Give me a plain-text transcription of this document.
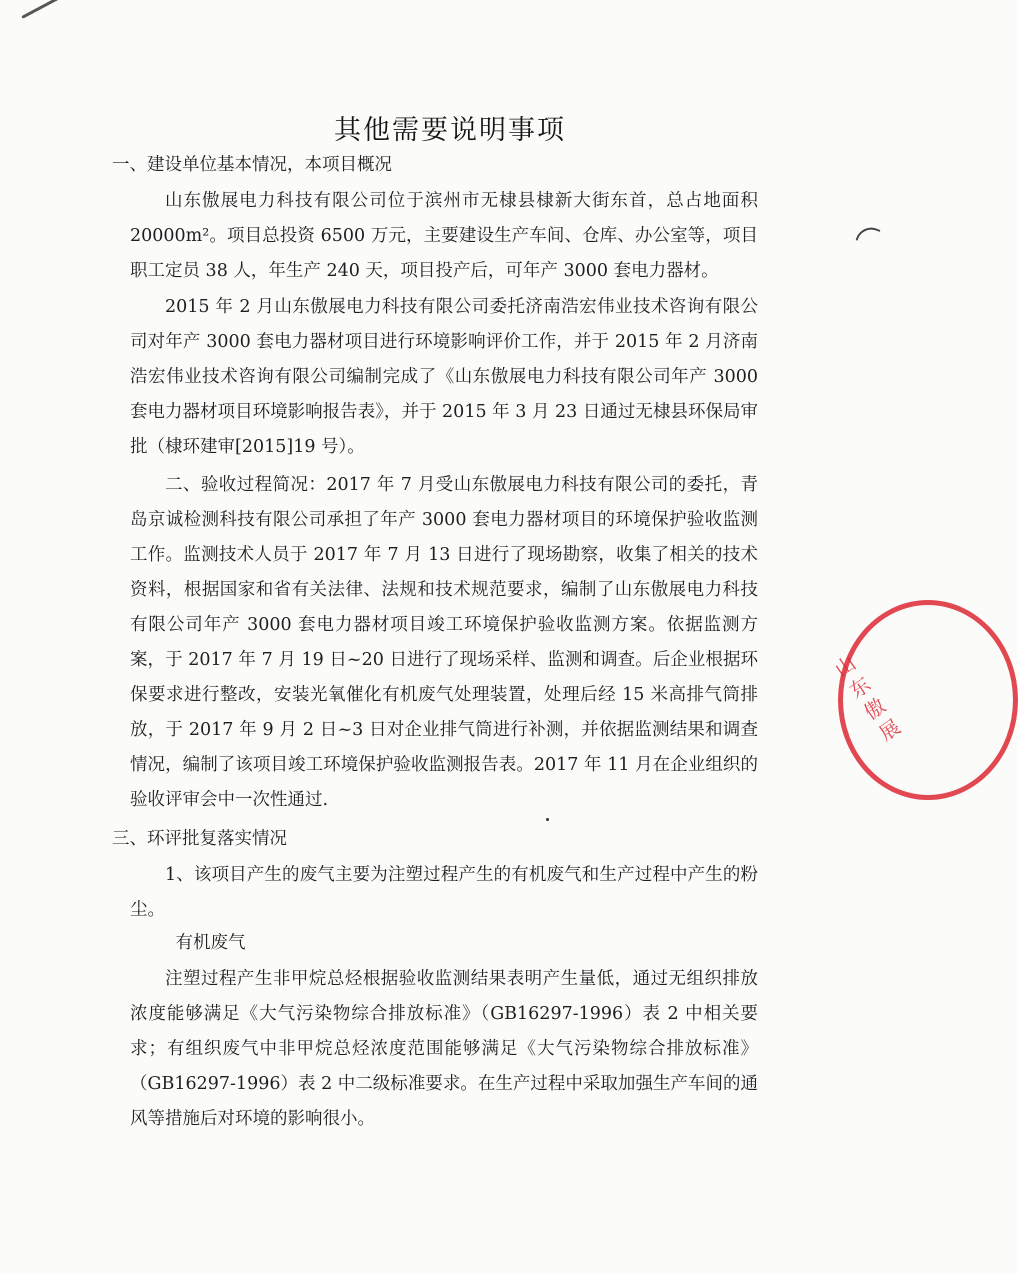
其他需要说明事项

一、建设单位基本情况，本项目概况

山东傲展电力科技有限公司位于滨州市无棣县棣新大街东首，总占地面积20000m²。项目总投资 6500 万元，主要建设生产车间、仓库、办公室等，项目职工定员 38 人，年生产 240 天，项目投产后，可年产 3000 套电力器材。

2015 年 2 月山东傲展电力科技有限公司委托济南浩宏伟业技术咨询有限公司对年产 3000 套电力器材项目进行环境影响评价工作，并于 2015 年 2 月济南浩宏伟业技术咨询有限公司编制完成了《山东傲展电力科技有限公司年产 3000 套电力器材项目环境影响报告表》，并于 2015 年 3 月 23 日通过无棣县环保局审批（棣环建审[2015]19 号）。

二、验收过程简况：2017 年 7 月受山东傲展电力科技有限公司的委托，青岛京诚检测科技有限公司承担了年产 3000 套电力器材项目的环境保护验收监测工作。监测技术人员于 2017 年 7 月 13 日进行了现场勘察，收集了相关的技术资料，根据国家和省有关法律、法规和技术规范要求，编制了山东傲展电力科技有限公司年产 3000 套电力器材项目竣工环境保护验收监测方案。依据监测方案，于 2017 年 7 月 19 日~20 日进行了现场采样、监测和调查。后企业根据环保要求进行整改，安装光氧催化有机废气处理装置，处理后经 15 米高排气筒排放，于 2017 年 9 月 2 日~3 日对企业排气筒进行补测，并依据监测结果和调查情况，编制了该项目竣工环境保护验收监测报告表。2017 年 11 月在企业组织的验收评审会中一次性通过.

三、环评批复落实情况

1、该项目产生的废气主要为注塑过程产生的有机废气和生产过程中产生的粉尘。

有机废气

注塑过程产生非甲烷总烃根据验收监测结果表明产生量低，通过无组织排放浓度能够满足《大气污染物综合排放标准》（GB16297-1996）表 2 中相关要求；有组织废气中非甲烷总烃浓度范围能够满足《大气污染物综合排放标准》（GB16297-1996）表 2 中二级标准要求。在生产过程中采取加强生产车间的通风等措施后对环境的影响很小。

山东傲展
